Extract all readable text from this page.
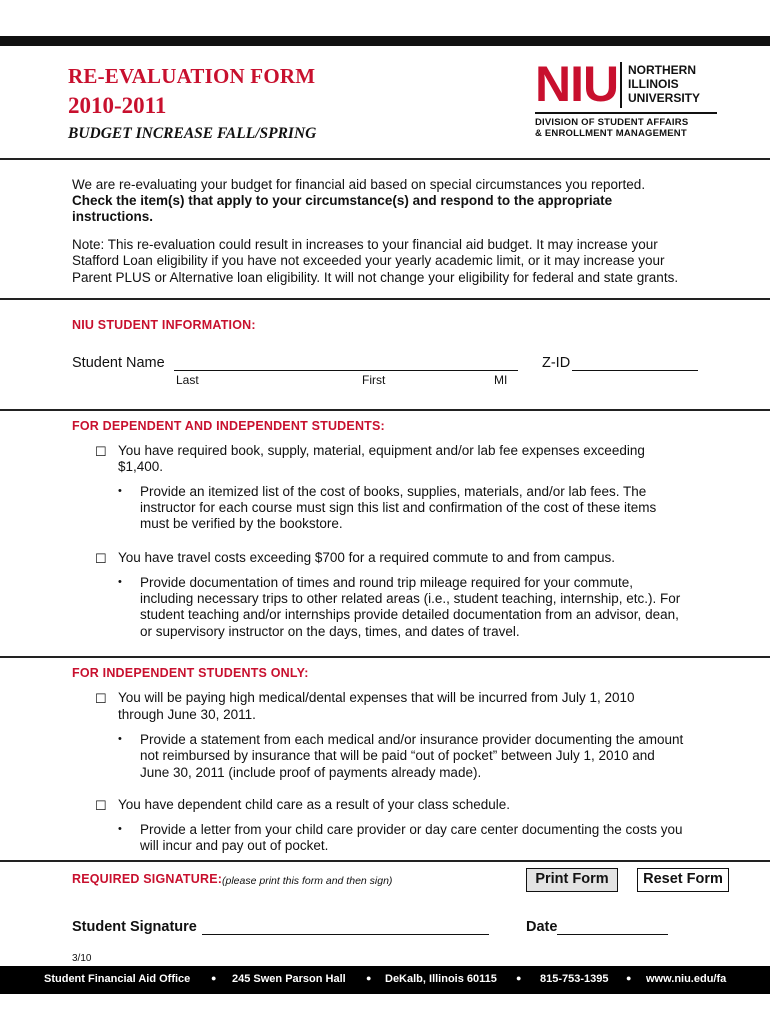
RE-EVALUATION FORM
2010-2011
BUDGET INCREASE FALL/SPRING
NIU NORTHERN
ILLINOIS
UNIVERSITY
DIVISION OF STUDENT AFFAIRS
& ENROLLMENT MANAGEMENT
We are re-evaluating your budget for financial aid based on special circumstances you reported.
Check the item(s) that apply to your circumstance(s) and respond to the appropriate
instructions.
Note: This re-evaluation could result in increases to your financial aid budget. It may increase your
Stafford Loan eligibility if you have not exceeded your yearly academic limit, or it may increase your
Parent PLUS or Alternative loan eligibility. It will not change your eligibility for federal and state grants.
NIU STUDENT INFORMATION:
Student Name	Z-ID
Last	First	MI
FOR DEPENDENT AND INDEPENDENT STUDENTS:
☐ You have required book, supply, material, equipment and/or lab fee expenses exceeding
$1,400.
• Provide an itemized list of the cost of books, supplies, materials, and/or lab fees. The
instructor for each course must sign this list and confirmation of the cost of these items
must be verified by the bookstore.
☐ You have travel costs exceeding $700 for a required commute to and from campus.
• Provide documentation of times and round trip mileage required for your commute,
including necessary trips to other related areas (i.e., student teaching, internship, etc.). For
student teaching and/or internships provide detailed documentation from an advisor, dean,
or supervisory instructor on the days, times, and dates of travel.
FOR INDEPENDENT STUDENTS ONLY:
☐ You will be paying high medical/dental expenses that will be incurred from July 1, 2010
through June 30, 2011.
• Provide a statement from each medical and/or insurance provider documenting the amount
not reimbursed by insurance that will be paid “out of pocket” between July 1, 2010 and
June 30, 2011 (include proof of payments already made).
☐ You have dependent child care as a result of your class schedule.
• Provide a letter from your child care provider or day care center documenting the costs you
will incur and pay out of pocket.
REQUIRED SIGNATURE: (please print this form and then sign)	Print Form	Reset Form
Student Signature	Date
3/10
Student Financial Aid Office ● 245 Swen Parson Hall ● DeKalb, Illinois 60115 ● 815-753-1395 ● www.niu.edu/fa
